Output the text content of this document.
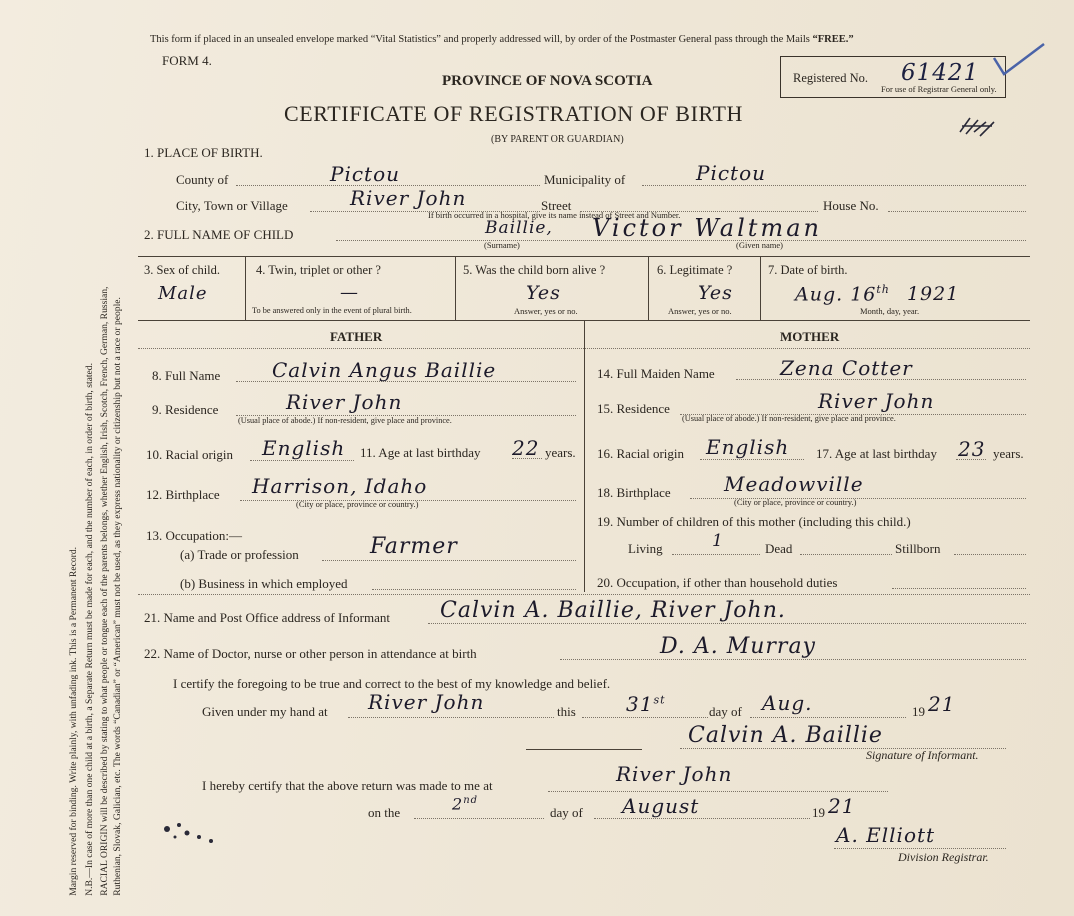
Margin reserved for binding. Write plainly, with unfading ink. This is a Permanent Record. N.B.—In case of more than one child at a birth, a Separate Return must be made for each, and the number of each, in order of birth, stated. RACIAL ORIGIN will be described by stating to what people or tongue each of the parents belongs, whether English, Irish, Scotch, French, German, Russian, Ruthenian, Slovak, Galician, etc. The words “Canadian” or “American” must not be used, as they express nationality or citizenship but not a race or people.
This form if placed in an unsealed envelope marked “Vital Statistics” and properly addressed will, by order of the Postmaster General pass through the Mails “FREE.”
FORM 4.
Registered No. 61421
For use of Registrar General only.
PROVINCE OF NOVA SCOTIA
CERTIFICATE OF REGISTRATION OF BIRTH
(BY PARENT OR GUARDIAN)
1. PLACE OF BIRTH.
County of	Pictou	Municipality of	Pictou
City, Town or Village	River John	Street	House No.
If birth occurred in a hospital, give its name instead of Street and Number.
2. FULL NAME OF CHILD	Baillie, Victor Waltman
(Surname)	(Given name)
3. Sex of child.
Male
4. Twin, triplet or other ?
—
To be answered only in the event of plural birth.
5. Was the child born alive ?
Yes
Answer, yes or no.
6. Legitimate ?
Yes
Answer, yes or no.
7. Date of birth.
Aug. 16th 1921
Month, day, year.
FATHER	MOTHER
8. Full Name	Calvin Angus Baillie
9. Residence	River John
(Usual place of abode.) If non-resident, give place and province.
10. Racial origin English 11. Age at last birthday 22 years.
12. Birthplace Harrison, Idaho
(City or place, province or country.)
13. Occupation:—
(a) Trade or profession	Farmer
(b) Business in which employed
14. Full Maiden Name	Zena Cotter
15. Residence	River John
(Usual place of abode.) If non-resident, give place and province.
16. Racial origin English 17. Age at last birthday 23 years.
18. Birthplace	Meadowville
(City or place, province or country.)
19. Number of children of this mother (including this child.)
Living	1	Dead	Stillborn
20. Occupation, if other than household duties
21. Name and Post Office address of Informant Calvin A. Baillie, River John.
22. Name of Doctor, nurse or other person in attendance at birth	D. A. Murray
I certify the foregoing to be true and correct to the best of my knowledge and belief.
Given under my hand at River John	this	31st
day of Aug.	19 21
Calvin A. Baillie
Signature of Informant.
I hereby certify that the above return was made to me at	River John
on the	2nd
day of August	19 21
A. Elliott
Division Registrar.
